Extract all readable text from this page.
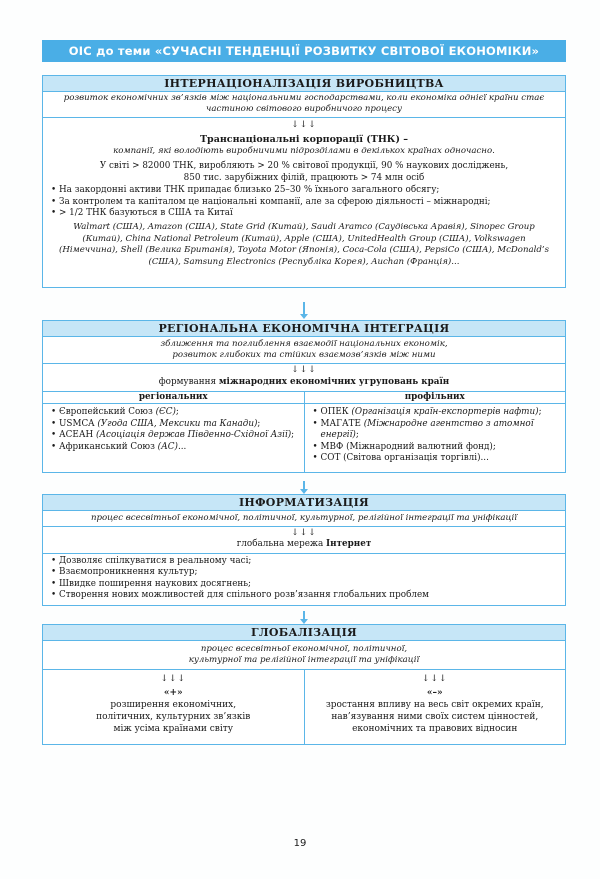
ОІС до теми «СУЧАСНІ ТЕНДЕНЦІЇ РОЗВИТКУ СВІТОВОЇ ЕКОНОМІКИ»
ІНТЕРНАЦІОНАЛІЗАЦІЯ ВИРОБНИЦТВА
розвиток економічних зв’язків між національними господарствами, коли економіка однієї країни стає
частиною світового виробничого процесу
↓↓↓
Транснаціональні корпорації (ТНК) –
компанії, які володіють виробничими підрозділами в декількох країнах одночасно.
У світі > 82000 ТНК, виробляють > 20 % світової продукції, 90 % наукових досліджень,
850 тис. зарубіжних філій, працюють > 74 млн осіб
• На закордонні активи ТНК припадає близько 25–30 % їхнього загального обсягу;
• За контролем та капіталом це національні компанії, але за сферою діяльності – міжнародні;
• > 1/2 ТНК базуються в США та Китаї
Walmart (США), Amazon (США), State Grid (Китай), Saudi Aramco (Саудівська Аравія), Sinopec Group
(Китай), China National Petroleum (Китай), Apple (США), UnitedHealth Group (США), Volkswagen
(Німеччина), Shell (Велика Британія), Toyota Motor (Японія), Coca-Cola (США), PepsiCo (США), McDonald’s
(США), Samsung Electronics (Республіка Корея), Auchan (Франція)...
РЕГІОНАЛЬНА ЕКОНОМІЧНА ІНТЕГРАЦІЯ
зближення та поглиблення взаємодії національних економік,
розвиток глибоких та стійких взаємозв’язків між ними
↓↓↓
формування міжнародних економічних угруповань країн
регіональних	профільних
• Європейський Союз (ЄС);
• USMCA (Угода США, Мексики та Канади);
• АСЕАН (Асоціація держав Південно-Східної Азії);
• Африканський Союз (АС)...
• ОПЕК (Організація країн-експортерів нафти);
• МАГАТЕ (Міжнародне агентство з атомної
енергії);
• МВФ (Міжнародний валютний фонд);
• СОТ (Світова організація торгівлі)...
ІНФОРМАТИЗАЦІЯ
процес всесвітньої економічної, політичної, культурної, релігійної інтеграції та уніфікації
↓↓↓
глобальна мережа Інтернет
• Дозволяє спілкуватися в реальному часі;
• Взаємопроникнення культур;
• Швидке поширення наукових досягнень;
• Створення нових можливостей для спільного розв’язання глобальних проблем
ГЛОБАЛІЗАЦІЯ
процес всесвітньої економічної, політичної,
культурної та релігійної інтеграції та уніфікації
↓↓↓
«+»
розширення економічних,
політичних, культурних зв’язків
між усіма країнами світу
↓↓↓
«–»
зростання впливу на весь світ окремих країн,
нав’язування ними своїх систем цінностей,
економічних та правових відносин
19
